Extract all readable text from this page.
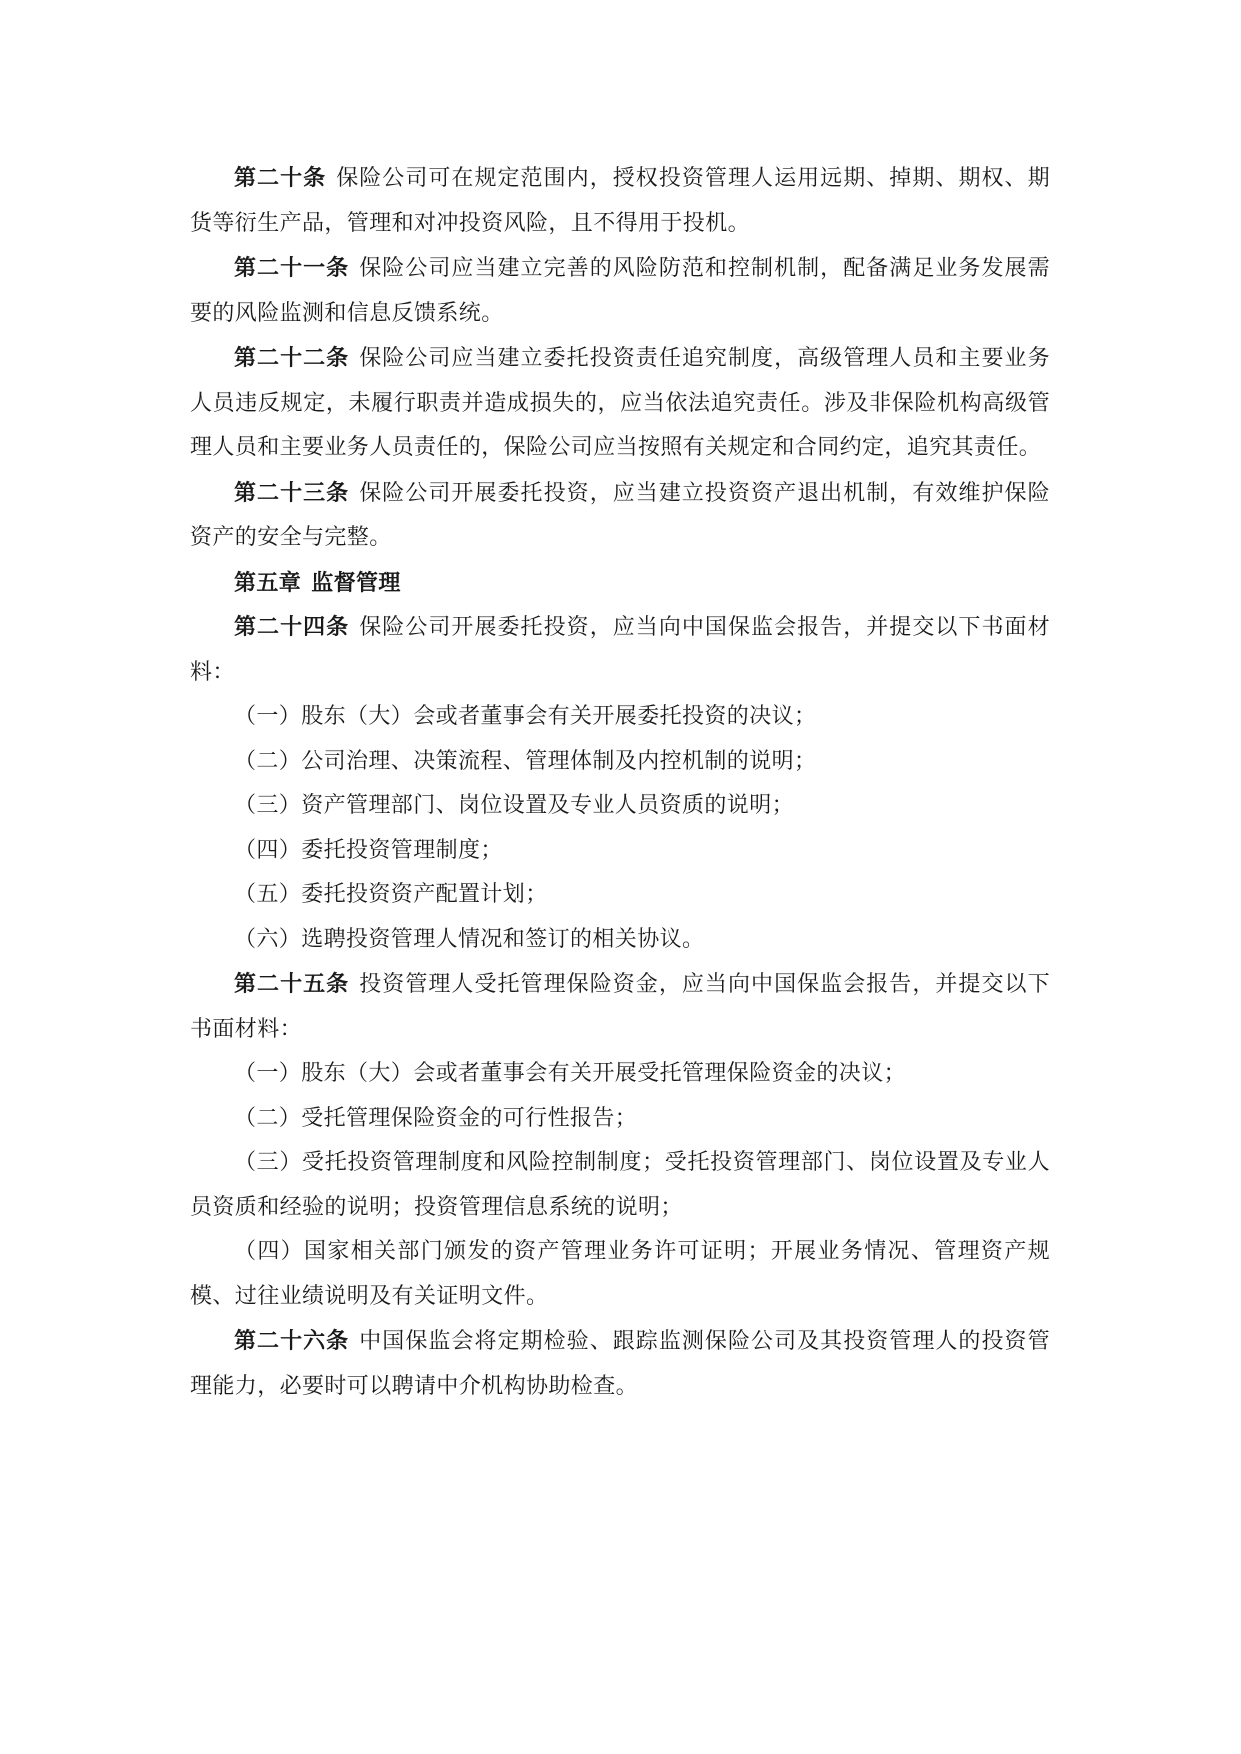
第二十条 保险公司可在规定范围内，授权投资管理人运用远期、掉期、期权、期货等衍生产品，管理和对冲投资风险，且不得用于投机。

第二十一条 保险公司应当建立完善的风险防范和控制机制，配备满足业务发展需要的风险监测和信息反馈系统。

第二十二条 保险公司应当建立委托投资责任追究制度，高级管理人员和主要业务人员违反规定，未履行职责并造成损失的，应当依法追究责任。涉及非保险机构高级管理人员和主要业务人员责任的，保险公司应当按照有关规定和合同约定，追究其责任。

第二十三条 保险公司开展委托投资，应当建立投资资产退出机制，有效维护保险资产的安全与完整。

第五章 监督管理

第二十四条 保险公司开展委托投资，应当向中国保监会报告，并提交以下书面材料：

（一）股东（大）会或者董事会有关开展委托投资的决议；

（二）公司治理、决策流程、管理体制及内控机制的说明；

（三）资产管理部门、岗位设置及专业人员资质的说明；

（四）委托投资管理制度；

（五）委托投资资产配置计划；

（六）选聘投资管理人情况和签订的相关协议。

第二十五条 投资管理人受托管理保险资金，应当向中国保监会报告，并提交以下书面材料：

（一）股东（大）会或者董事会有关开展受托管理保险资金的决议；

（二）受托管理保险资金的可行性报告；

（三）受托投资管理制度和风险控制制度；受托投资管理部门、岗位设置及专业人员资质和经验的说明；投资管理信息系统的说明；

（四）国家相关部门颁发的资产管理业务许可证明；开展业务情况、管理资产规模、过往业绩说明及有关证明文件。

第二十六条 中国保监会将定期检验、跟踪监测保险公司及其投资管理人的投资管理能力，必要时可以聘请中介机构协助检查。
